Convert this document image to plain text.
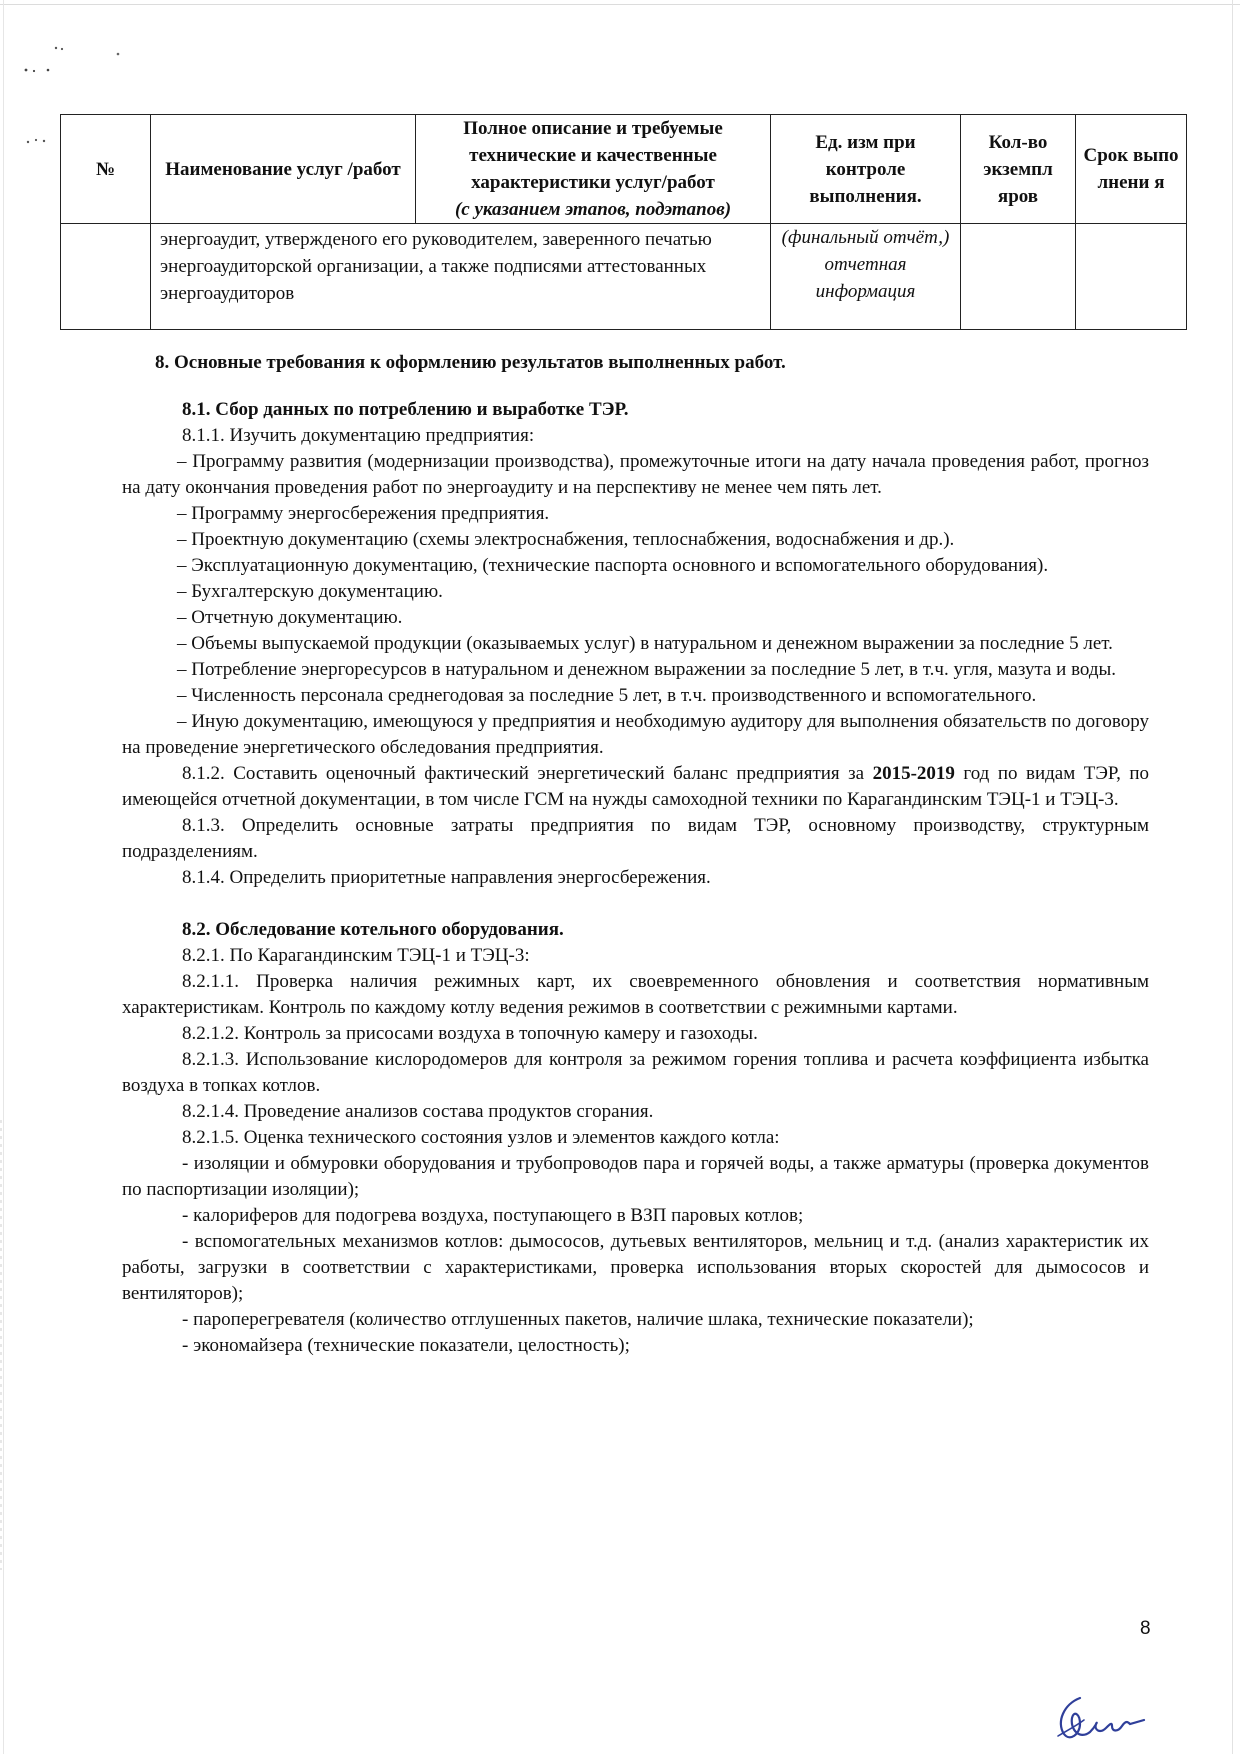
№	Наименование услуг /работ	Полное описание и требуемые технические и качественные характеристики услуг/работ
(с указанием этапов, подэтапов)	Ед. изм при контроле выполнения.	Кол-во экземпл яров	Срок выпо лнени я
	энергоаудит, утвержденого его руководителем, заверенного печатью энергоаудиторской организации, а также подписями аттестованных энергоаудиторов		(финальный отчёт,) отчетная информация		

8. Основные требования к оформлению результатов выполненных работ.

8.1. Сбор данных по потреблению и выработке ТЭР.

8.1.1. Изучить документацию предприятия:

– Программу развития (модернизации производства), промежуточные итоги на дату начала проведения работ, прогноз на дату окончания проведения работ по энергоаудиту и на перспективу не менее чем пять лет.

– Программу энергосбережения предприятия.

– Проектную документацию (схемы электроснабжения, теплоснабжения, водоснабжения и др.).

– Эксплуатационную документацию, (технические паспорта основного и вспомогательного оборудования).

– Бухгалтерскую документацию.

– Отчетную документацию.

– Объемы выпускаемой продукции (оказываемых услуг) в натуральном и денежном выражении за последние 5 лет.

– Потребление энергоресурсов в натуральном и денежном выражении за последние 5 лет, в т.ч. угля, мазута и воды.

– Численность персонала среднегодовая за последние 5 лет, в т.ч. производственного и вспомогательного.

– Иную документацию, имеющуюся у предприятия и необходимую аудитору для выполнения обязательств по договору на проведение энергетического обследования предприятия.

8.1.2. Составить оценочный фактический энергетический баланс предприятия за 2015-2019 год по видам ТЭР, по имеющейся отчетной документации, в том числе ГСМ на нужды самоходной техники по Карагандинским ТЭЦ-1 и ТЭЦ-3.

8.1.3. Определить основные затраты предприятия по видам ТЭР, основному производству, структурным подразделениям.

8.1.4. Определить приоритетные направления энергосбережения.

8.2. Обследование котельного оборудования.

8.2.1. По Карагандинским ТЭЦ-1 и ТЭЦ-3:

8.2.1.1. Проверка наличия режимных карт, их своевременного обновления и соответствия нормативным характеристикам. Контроль по каждому котлу ведения режимов в соответствии с режимными картами.

8.2.1.2. Контроль за присосами воздуха в топочную камеру и газоходы.

8.2.1.3. Использование кислородомеров для контроля за режимом горения топлива и расчета коэффициента избытка воздуха в топках котлов.

8.2.1.4. Проведение анализов состава продуктов сгорания.

8.2.1.5. Оценка технического состояния узлов и элементов каждого котла:

- изоляции и обмуровки оборудования и трубопроводов пара и горячей воды, а также арматуры (проверка документов по паспортизации изоляции);

- калориферов для подогрева воздуха, поступающего в ВЗП паровых котлов;

- вспомогательных механизмов котлов: дымососов, дутьевых вентиляторов, мельниц и т.д. (анализ характеристик их работы, загрузки в соответствии с характеристиками, проверка использования вторых скоростей для дымососов и вентиляторов);

- пароперегревателя (количество отглушенных пакетов, наличие шлака, технические показатели);

- экономайзера (технические показатели, целостность);

8
